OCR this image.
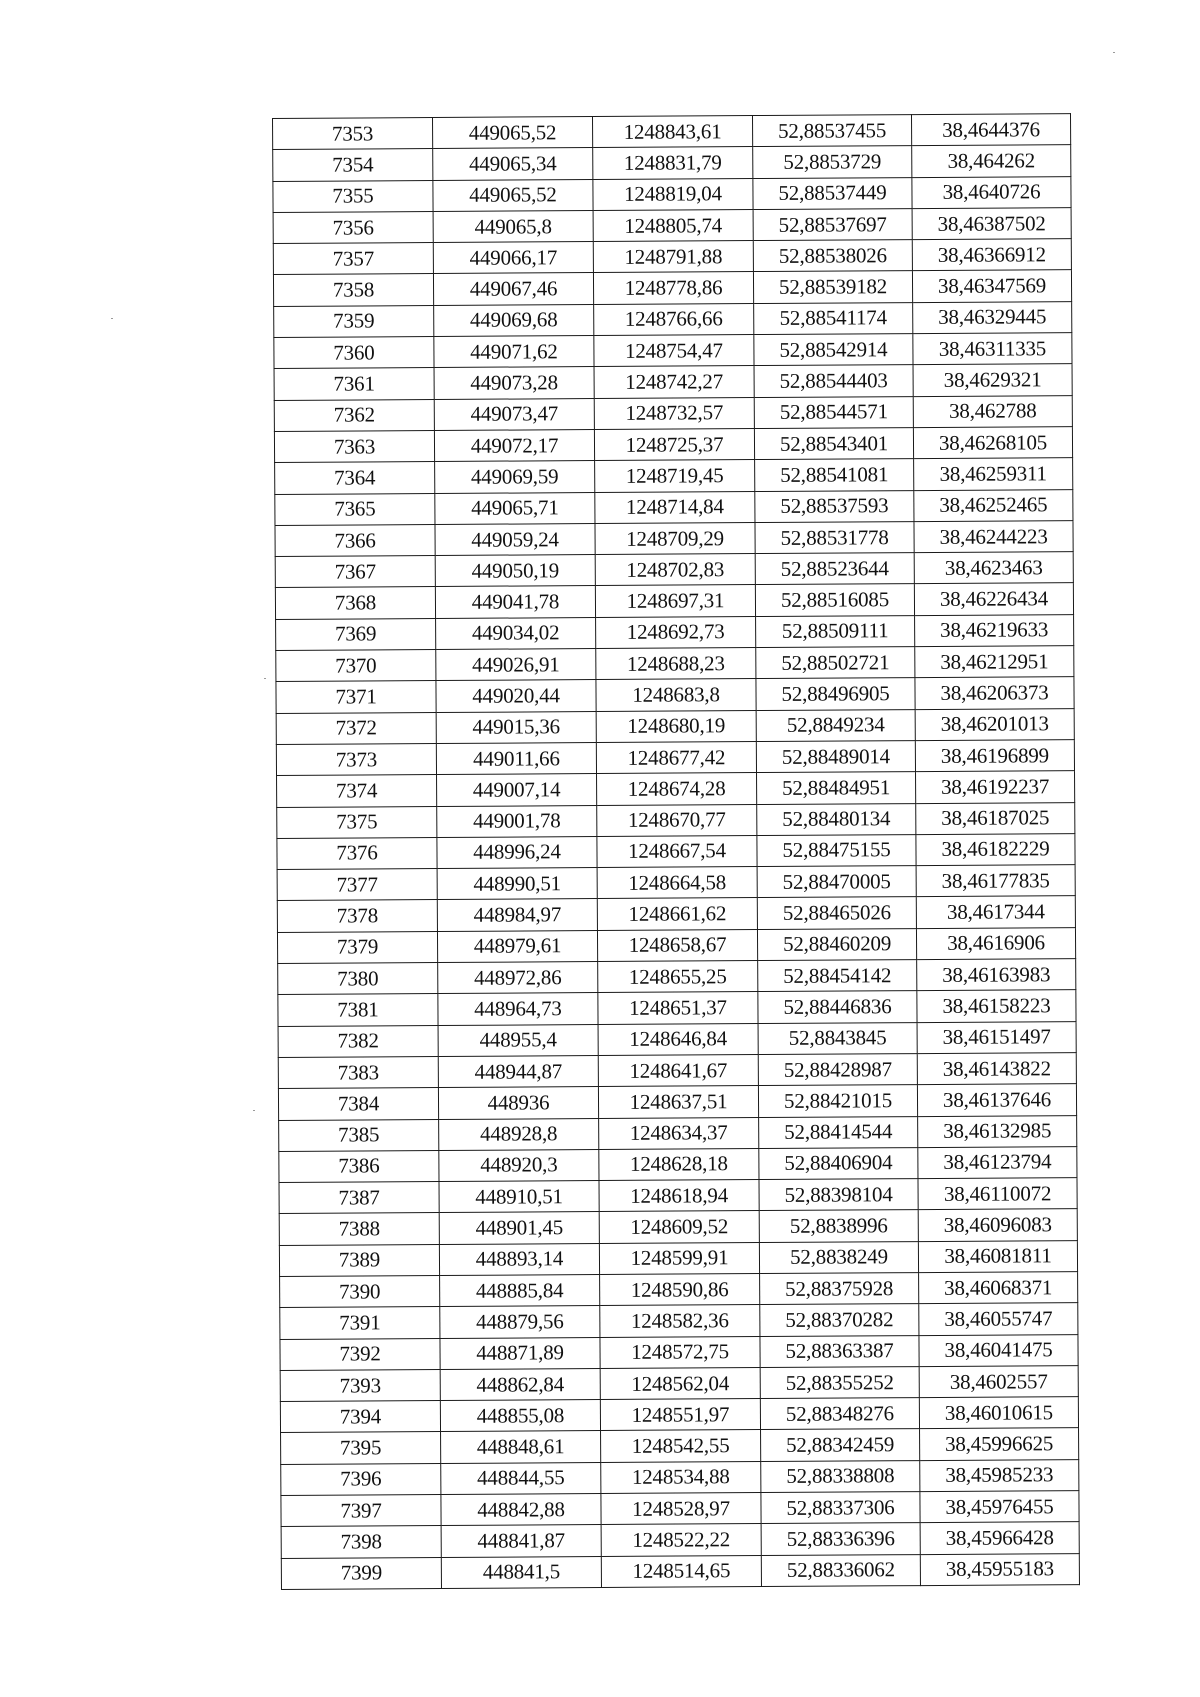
7353	449065,52	1248843,61	52,88537455	38,4644376
7354	449065,34	1248831,79	52,8853729	38,464262
7355	449065,52	1248819,04	52,88537449	38,4640726
7356	449065,8	1248805,74	52,88537697	38,46387502
7357	449066,17	1248791,88	52,88538026	38,46366912
7358	449067,46	1248778,86	52,88539182	38,46347569
7359	449069,68	1248766,66	52,88541174	38,46329445
7360	449071,62	1248754,47	52,88542914	38,46311335
7361	449073,28	1248742,27	52,88544403	38,4629321
7362	449073,47	1248732,57	52,88544571	38,462788
7363	449072,17	1248725,37	52,88543401	38,46268105
7364	449069,59	1248719,45	52,88541081	38,46259311
7365	449065,71	1248714,84	52,88537593	38,46252465
7366	449059,24	1248709,29	52,88531778	38,46244223
7367	449050,19	1248702,83	52,88523644	38,4623463
7368	449041,78	1248697,31	52,88516085	38,46226434
7369	449034,02	1248692,73	52,88509111	38,46219633
7370	449026,91	1248688,23	52,88502721	38,46212951
7371	449020,44	1248683,8	52,88496905	38,46206373
7372	449015,36	1248680,19	52,8849234	38,46201013
7373	449011,66	1248677,42	52,88489014	38,46196899
7374	449007,14	1248674,28	52,88484951	38,46192237
7375	449001,78	1248670,77	52,88480134	38,46187025
7376	448996,24	1248667,54	52,88475155	38,46182229
7377	448990,51	1248664,58	52,88470005	38,46177835
7378	448984,97	1248661,62	52,88465026	38,4617344
7379	448979,61	1248658,67	52,88460209	38,4616906
7380	448972,86	1248655,25	52,88454142	38,46163983
7381	448964,73	1248651,37	52,88446836	38,46158223
7382	448955,4	1248646,84	52,8843845	38,46151497
7383	448944,87	1248641,67	52,88428987	38,46143822
7384	448936	1248637,51	52,88421015	38,46137646
7385	448928,8	1248634,37	52,88414544	38,46132985
7386	448920,3	1248628,18	52,88406904	38,46123794
7387	448910,51	1248618,94	52,88398104	38,46110072
7388	448901,45	1248609,52	52,8838996	38,46096083
7389	448893,14	1248599,91	52,8838249	38,46081811
7390	448885,84	1248590,86	52,88375928	38,46068371
7391	448879,56	1248582,36	52,88370282	38,46055747
7392	448871,89	1248572,75	52,88363387	38,46041475
7393	448862,84	1248562,04	52,88355252	38,4602557
7394	448855,08	1248551,97	52,88348276	38,46010615
7395	448848,61	1248542,55	52,88342459	38,45996625
7396	448844,55	1248534,88	52,88338808	38,45985233
7397	448842,88	1248528,97	52,88337306	38,45976455
7398	448841,87	1248522,22	52,88336396	38,45966428
7399	448841,5	1248514,65	52,88336062	38,45955183
